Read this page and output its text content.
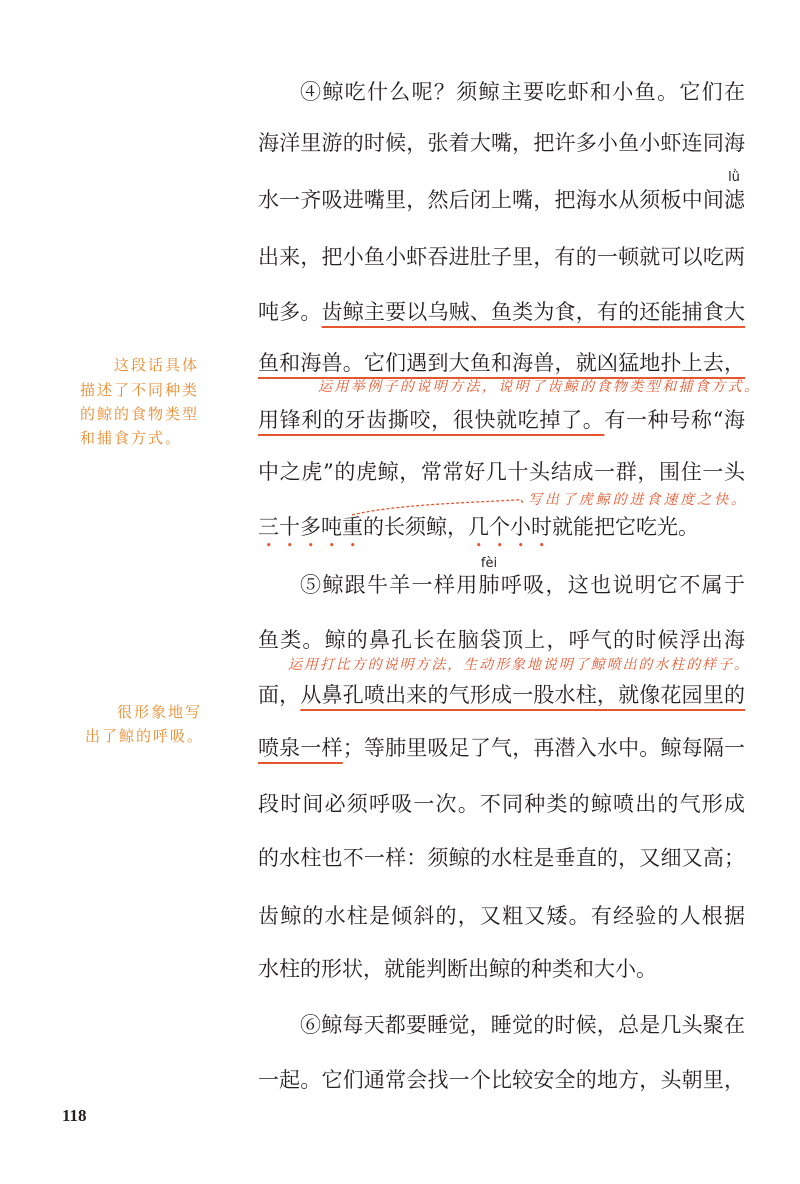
④鲸吃什么呢？须鲸主要吃虾和小鱼。它们在
海洋里游的时候，张着大嘴，把许多小鱼小虾连同海
水一齐吸进嘴里，然后闭上嘴，把海水从须板中间滤
出来，把小鱼小虾吞进肚子里，有的一顿就可以吃两
吨多。齿鲸主要以乌贼、鱼类为食，有的还能捕食大
鱼和海兽。它们遇到大鱼和海兽，就凶猛地扑上去，
用锋利的牙齿撕咬，很快就吃掉了。有一种号称“海
中之虎”的虎鲸，常常好几十头结成一群，围住一头
三十多吨重的长须鲸，几个小时就能把它吃光。
⑤鲸跟牛羊一样用肺呼吸，这也说明它不属于
鱼类。鲸的鼻孔长在脑袋顶上，呼气的时候浮出海
面，从鼻孔喷出来的气形成一股水柱，就像花园里的
喷泉一样；等肺里吸足了气，再潜入水中。鲸每隔一
段时间必须呼吸一次。不同种类的鲸喷出的气形成
的水柱也不一样：须鲸的水柱是垂直的，又细又高；
齿鲸的水柱是倾斜的，又粗又矮。有经验的人根据
水柱的形状，就能判断出鲸的种类和大小。
⑥鲸每天都要睡觉，睡觉的时候，总是几头聚在
一起。它们通常会找一个比较安全的地方，头朝里，
lǜ
fèi
运用举例子的说明方法，说明了齿鲸的食物类型和捕食方式。
写出了虎鲸的进食速度之快。
运用打比方的说明方法，生动形象地说明了鲸喷出的水柱的样子。
这段话具体
描述了不同种类
的鲸的食物类型
和捕食方式。
很形象地写
出了鲸的呼吸。
118
